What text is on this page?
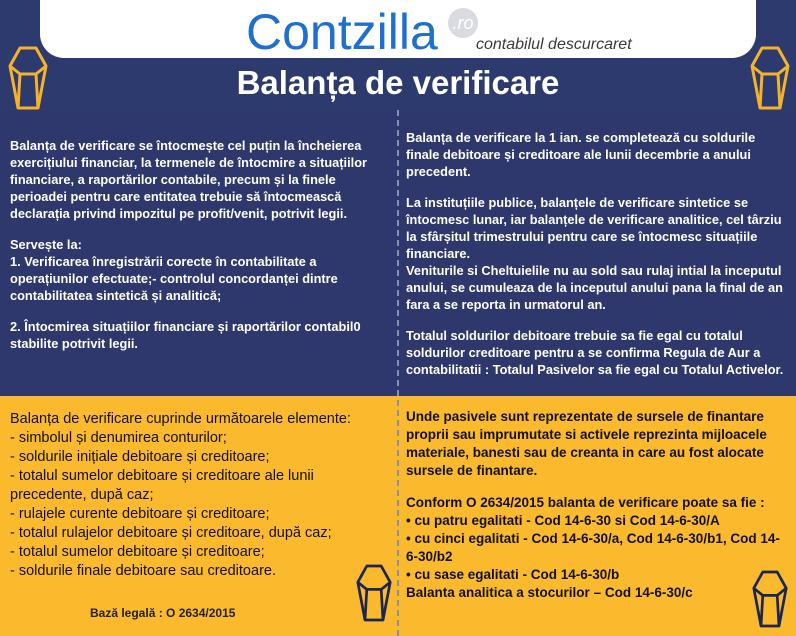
Contzilla .ro
contabilul descurcaret
Balanța de verificare

Balanța de verificare se întocmește cel puțin la încheierea exercițiului financiar, la termenele de întocmire a situațiilor financiare, a raportărilor contabile, precum și la finele perioadei pentru care entitatea trebuie să întocmească declarația privind impozitul pe profit/venit, potrivit legii.

Servește la:
1. Verificarea înregistrării corecte în contabilitate a operațiunilor efectuate;- controlul concordanței dintre contabilitatea sintetică și analitică;

2. Întocmirea situațiilor financiare și raportărilor contabil0 stabilite potrivit legii.

Balanța de verificare la 1 ian. se completează cu soldurile finale debitoare și creditoare ale lunii decembrie a anului precedent.

La instituțiile publice, balanțele de verificare sintetice se întocmesc lunar, iar balanțele de verificare analitice, cel târziu la sfârșitul trimestrului pentru care se întocmesc situațiile financiare.
Veniturile si Cheltuielile nu au sold sau rulaj intial la inceputul anului, se cumuleaza de la inceputul anului pana la final de an fara a se reporta in urmatorul an.

Totalul soldurilor debitoare trebuie sa fie egal cu totalul soldurilor creditoare pentru a se confirma Regula de Aur a contabilitatii : Totalul Pasivelor sa fie egal cu Totalul Activelor.

Balanța de verificare cuprinde următoarele elemente:
- simbolul și denumirea conturilor;
- soldurile inițiale debitoare și creditoare;
- totalul sumelor debitoare și creditoare ale lunii precedente, după caz;
- rulajele curente debitoare și creditoare;
- totalul rulajelor debitoare și creditoare, după caz;
- totalul sumelor debitoare și creditoare;
- soldurile finale debitoare sau creditoare.

Bază legală : O 2634/2015

Unde pasivele sunt reprezentate de sursele de finantare proprii sau imprumutate si activele reprezinta mijloacele materiale, banesti sau de creanta in care au fost alocate sursele de finantare.

Conform O 2634/2015 balanta de verificare poate sa fie :
• cu patru egalitati - Cod 14-6-30 si Cod 14-6-30/A
• cu cinci egalitati - Cod 14-6-30/a, Cod 14-6-30/b1, Cod 14-6-30/b2
• cu sase egalitati - Cod 14-6-30/b
Balanta analitica a stocurilor – Cod 14-6-30/c
